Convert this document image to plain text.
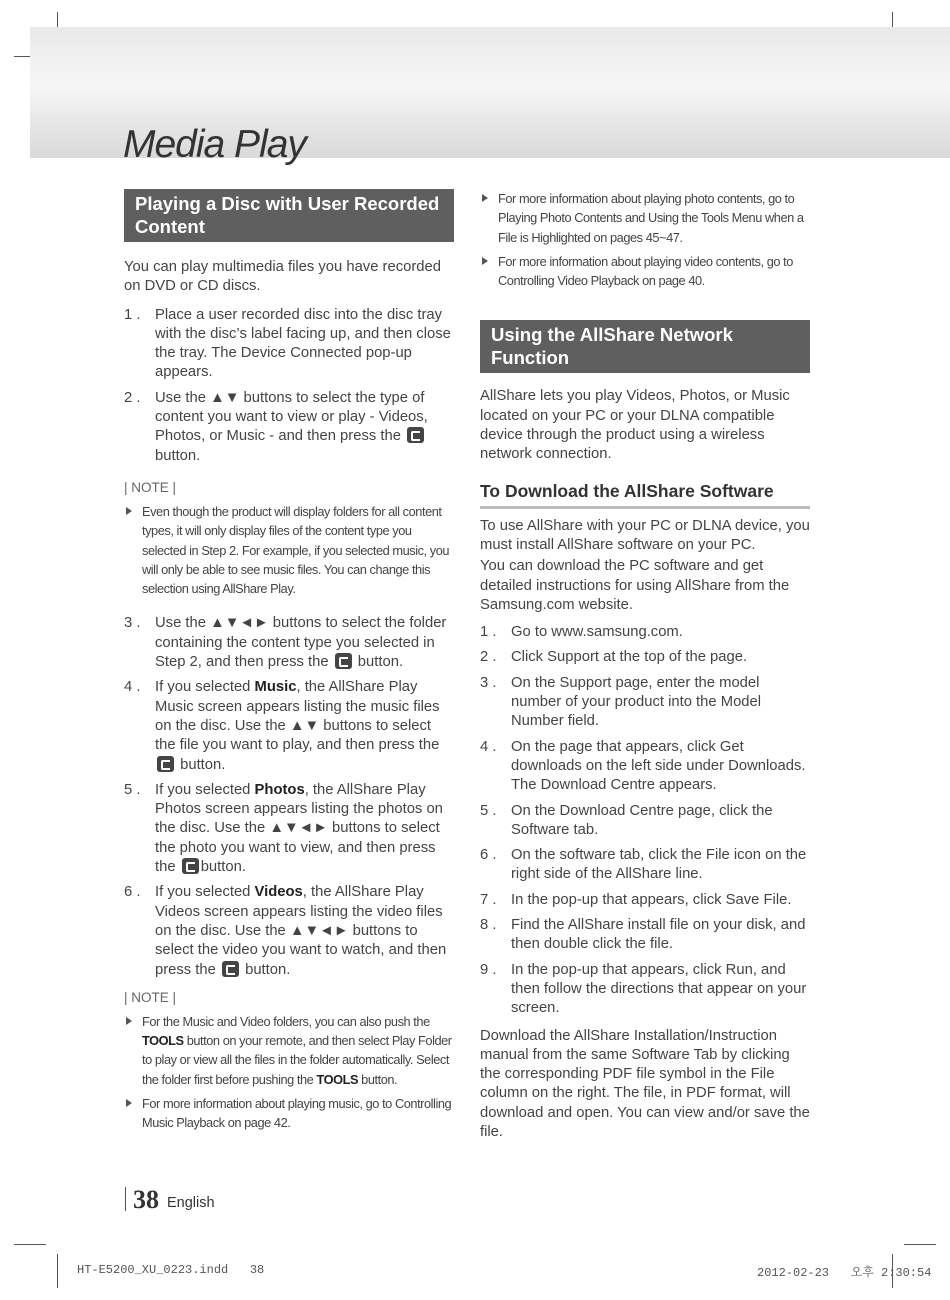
Media Play
Playing a Disc with User Recorded Content

You can play multimedia files you have recorded on DVD or CD discs.

1 . Place a user recorded disc into the disc tray with the disc’s label facing up, and then close the tray. The Device Connected pop-up appears.
2 . Use the ▲▼ buttons to select the type of content you want to view or play - Videos, Photos, or Music - and then press the  button.

| NOTE |

Even though the product will display folders for all content types, it will only display files of the content type you selected in Step 2. For example, if you selected music, you will only be able to see music files. You can change this selection using AllShare Play.
3 . Use the ▲▼◄► buttons to select the folder containing the content type you selected in Step 2, and then press the  button.
4 . If you selected Music, the AllShare Play Music screen appears listing the music files on the disc. Use the ▲▼ buttons to select the file you want to play, and then press the  button.
5 . If you selected Photos, the AllShare Play Photos screen appears listing the photos on the disc. Use the ▲▼◄► buttons to select the photo you want to view, and then press the button.
6 . If you selected Videos, the AllShare Play Videos screen appears listing the video files on the disc. Use the ▲▼◄► buttons to select the video you want to watch, and then press the  button.

| NOTE |

For the Music and Video folders, you can also push the TOOLS button on your remote, and then select Play Folder to play or view all the files in the folder automatically. Select the folder first before pushing the TOOLS button.
For more information about playing music, go to Controlling Music Playback on page 42.
For more information about playing photo contents, go to Playing Photo Contents and Using the Tools Menu when a File is Highlighted on pages 45~47.
For more information about playing video contents, go to Controlling Video Playback on page 40.
Using the AllShare Network Function

AllShare lets you play Videos, Photos, or Music located on your PC or your DLNA compatible device through the product using a wireless network connection.

To Download the AllShare Software

To use AllShare with your PC or DLNA device, you must install AllShare software on your PC.

You can download the PC software and get detailed instructions for using AllShare from the Samsung.com website.

1 . Go to www.samsung.com.
2 . Click Support at the top of the page.
3 . On the Support page, enter the model number of your product into the Model Number field.
4 . On the page that appears, click Get downloads on the left side under Downloads. The Download Centre appears.
5 . On the Download Centre page, click the Software tab.
6 . On the software tab, click the File icon on the right side of the AllShare line.
7 . In the pop-up that appears, click Save File.
8 . Find the AllShare install file on your disk, and then double click the file.
9 . In the pop-up that appears, click Run, and then follow the directions that appear on your screen.

Download the AllShare Installation/Instruction manual from the same Software Tab by clicking the corresponding PDF file symbol in the File column on the right. The file, in PDF format, will download and open. You can view and/or save the file.

38 English
HT-E5200_XU_0223.indd   38	2012-02-23   오후 2:30:54
